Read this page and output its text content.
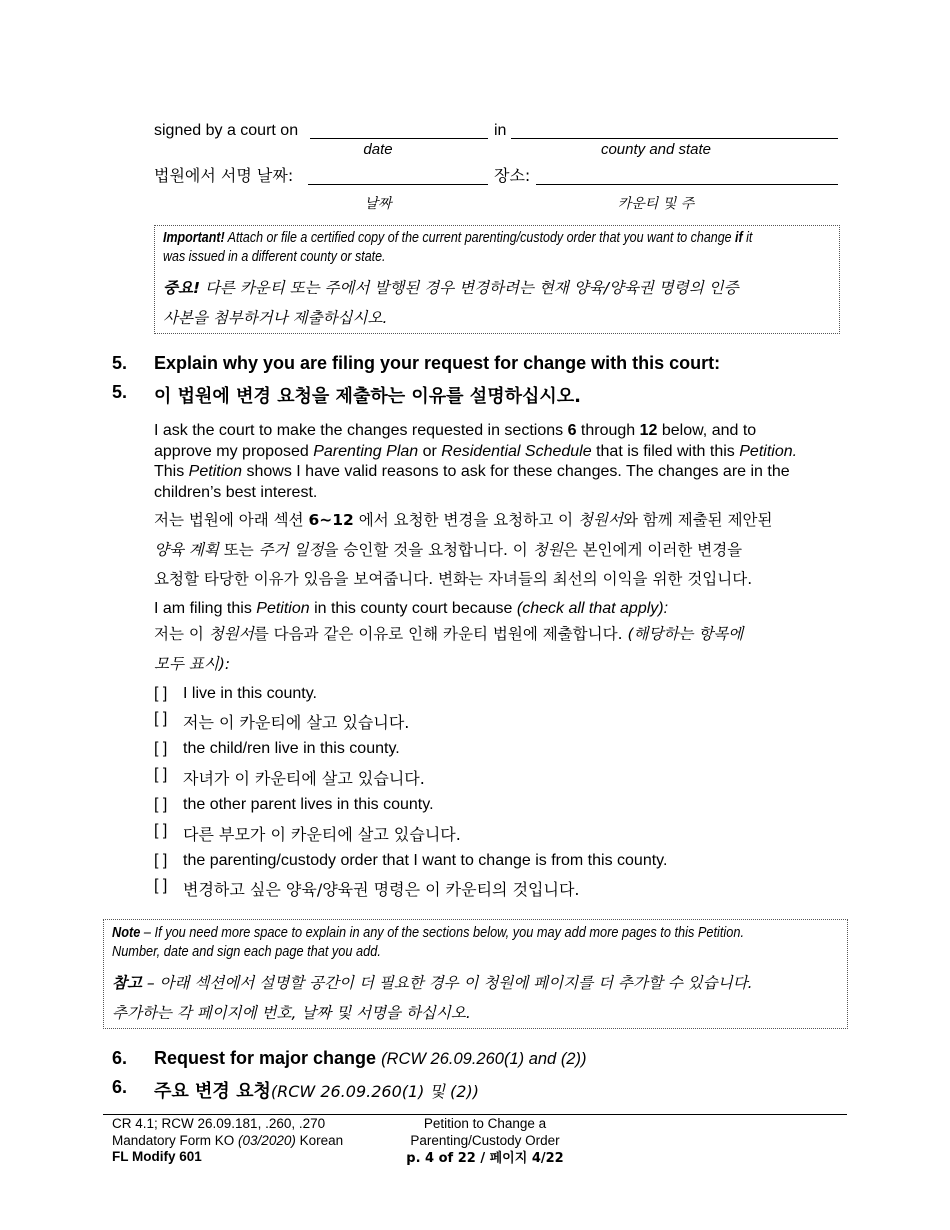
signed by a court on	in
date	county and state
법원에서 서명 날짜:	장소:
날짜	카운티 및 주
Important! Attach or file a certified copy of the current parenting/custody order that you want to change if it
was issued in a different county or state.
중요! 다른 카운티 또는 주에서 발행된 경우 변경하려는 현재 양육/양육권 명령의 인증
사본을 첨부하거나 제출하십시오.
5. Explain why you are filing your request for change with this court:
5. 이 법원에 변경 요청을 제출하는 이유를 설명하십시오.
I ask the court to make the changes requested in sections 6 through 12 below, and to
approve my proposed Parenting Plan or Residential Schedule that is filed with this Petition.
This Petition shows I have valid reasons to ask for these changes. The changes are in the
children’s best interest.
저는 법원에 아래 섹션 6~12 에서 요청한 변경을 요청하고 이 청원서와 함께 제출된 제안된
양육 계획 또는 주거 일정을 승인할 것을 요청합니다. 이 청원은 본인에게 이러한 변경을
요청할 타당한 이유가 있음을 보여줍니다. 변화는 자녀들의 최선의 이익을 위한 것입니다.
I am filing this Petition in this county court because (check all that apply):
저는 이 청원서를 다음과 같은 이유로 인해 카운티 법원에 제출합니다. (해당하는 항목에
모두 표시):
[ ] I live in this county.
[ ] 저는 이 카운티에 살고 있습니다.
[ ] the child/ren live in this county.
[ ] 자녀가 이 카운티에 살고 있습니다.
[ ] the other parent lives in this county.
[ ] 다른 부모가 이 카운티에 살고 있습니다.
[ ] the parenting/custody order that I want to change is from this county.
[ ] 변경하고 싶은 양육/양육권 명령은 이 카운티의 것입니다.
Note – If you need more space to explain in any of the sections below, you may add more pages to this Petition.
Number, date and sign each page that you add.
참고 – 아래 섹션에서 설명할 공간이 더 필요한 경우 이 청원에 페이지를 더 추가할 수 있습니다.
추가하는 각 페이지에 번호, 날짜 및 서명을 하십시오.
6. Request for major change (RCW 26.09.260(1) and (2))
6. 주요 변경 요청(RCW 26.09.260(1) 및 (2))
CR 4.1; RCW 26.09.181, .260, .270
Mandatory Form KO (03/2020) Korean
FL Modify 601
Petition to Change a
Parenting/Custody Order
p. 4 of 22 / 페이지 4/22
